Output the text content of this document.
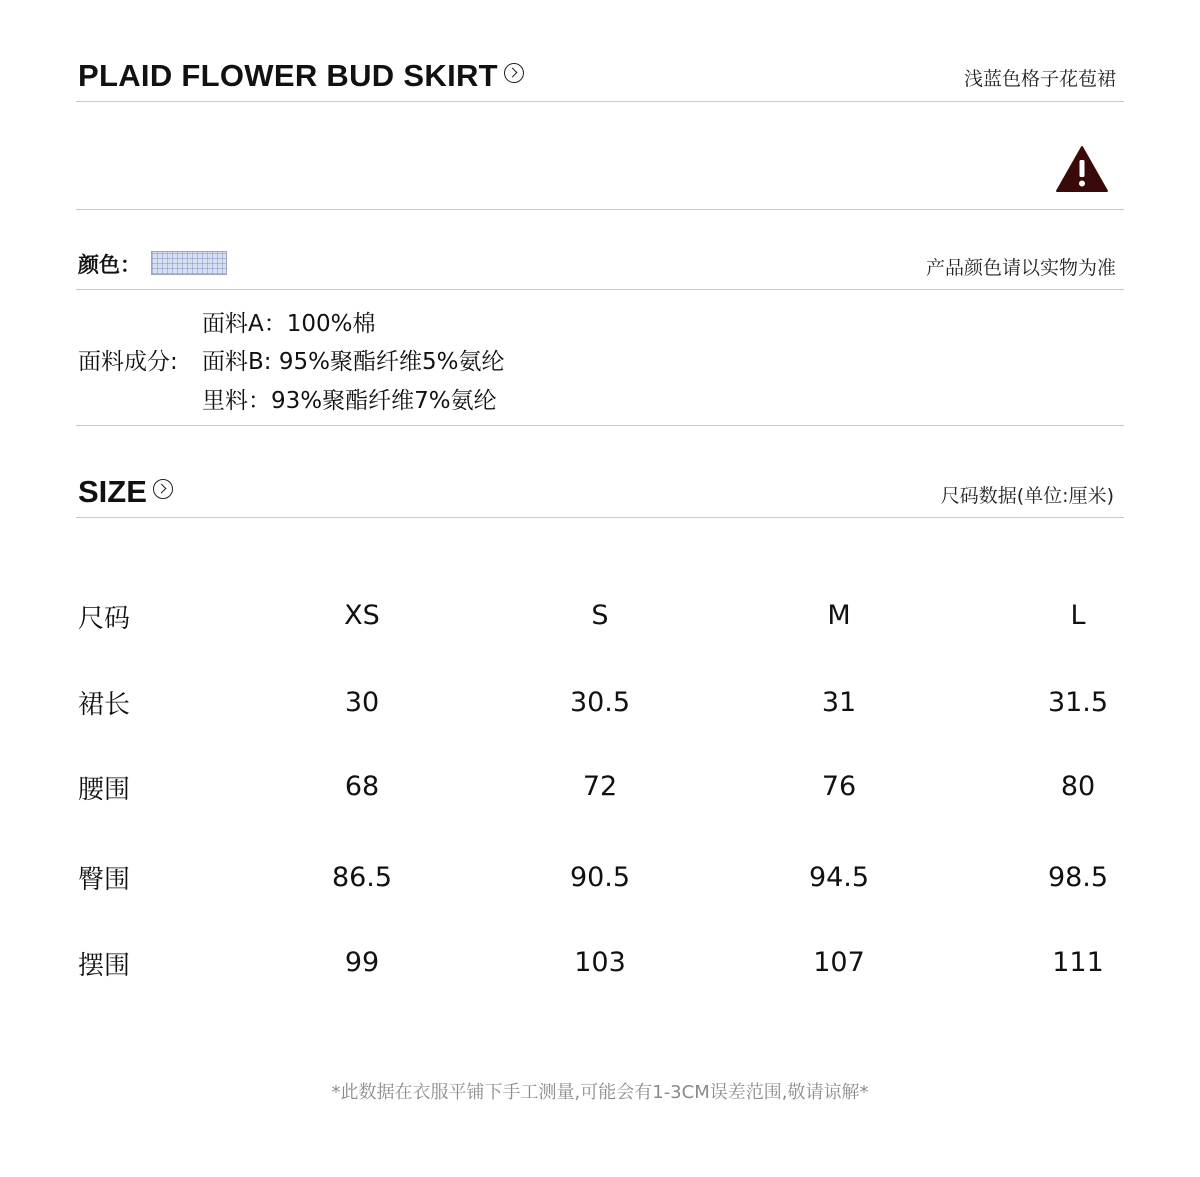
PLAID FLOWER BUD SKIRT	浅蓝色格子花苞裙
颜色：	产品颜色请以实物为准
面料成分:
面料A：100%棉
面料B: 95%聚酯纤维5%氨纶
里料：93%聚酯纤维7%氨纶
SIZE	尺码数据(单位:厘米)
尺码	XS	S	M	L
裙长	30	30.5	31	31.5
腰围	68	72	76	80
臀围	86.5	90.5	94.5	98.5
摆围	99	103	107	111
*此数据在衣服平铺下手工测量,可能会有1-3CM误差范围,敬请谅解*
